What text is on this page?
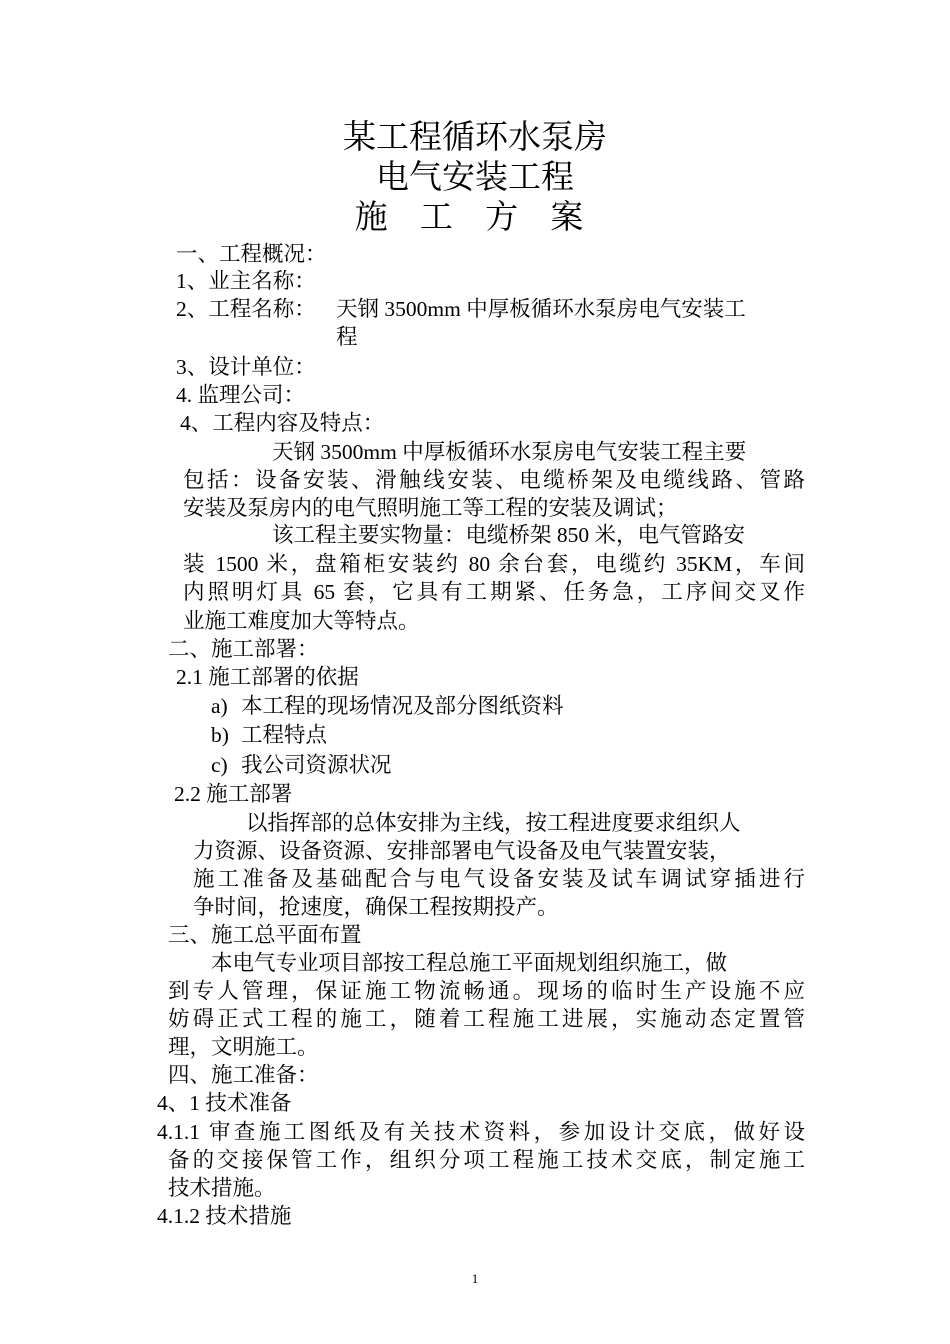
某工程循环水泵房
电气安装工程
施 工 方 案
一、工程概况：
1、业主名称：
2、工程名称： 天钢 3500mm 中厚板循环水泵房电气安装工
程
3、设计单位：
4. 监理公司：
4、工程内容及特点：
天钢 3500mm 中厚板循环水泵房电气安装工程主要
包括：设备安装、滑触线安装、电缆桥架及电缆线路、管路
安装及泵房内的电气照明施工等工程的安装及调试；
该工程主要实物量：电缆桥架 850 米，电气管路安
装 1500 米，盘箱柜安装约 80 余台套，电缆约 35KM，车间
内照明灯具 65 套，它具有工期紧、任务急，工序间交叉作
业施工难度加大等特点。
二、施工部署：
2.1 施工部署的依据
a) 本工程的现场情况及部分图纸资料
b) 工程特点
c) 我公司资源状况
2.2 施工部署
以指挥部的总体安排为主线，按工程进度要求组织人
力资源、设备资源、安排部署电气设备及电气装置安装，
施工准备及基础配合与电气设备安装及试车调试穿插进行
争时间，抢速度，确保工程按期投产。
三、施工总平面布置
本电气专业项目部按工程总施工平面规划组织施工，做
到专人管理，保证施工物流畅通。现场的临时生产设施不应
妨碍正式工程的施工，随着工程施工进展，实施动态定置管
理，文明施工。
四、施工准备：
4、1 技术准备
4.1.1 审查施工图纸及有关技术资料，参加设计交底，做好设
备的交接保管工作，组织分项工程施工技术交底，制定施工
技术措施。
4.1.2 技术措施
1
